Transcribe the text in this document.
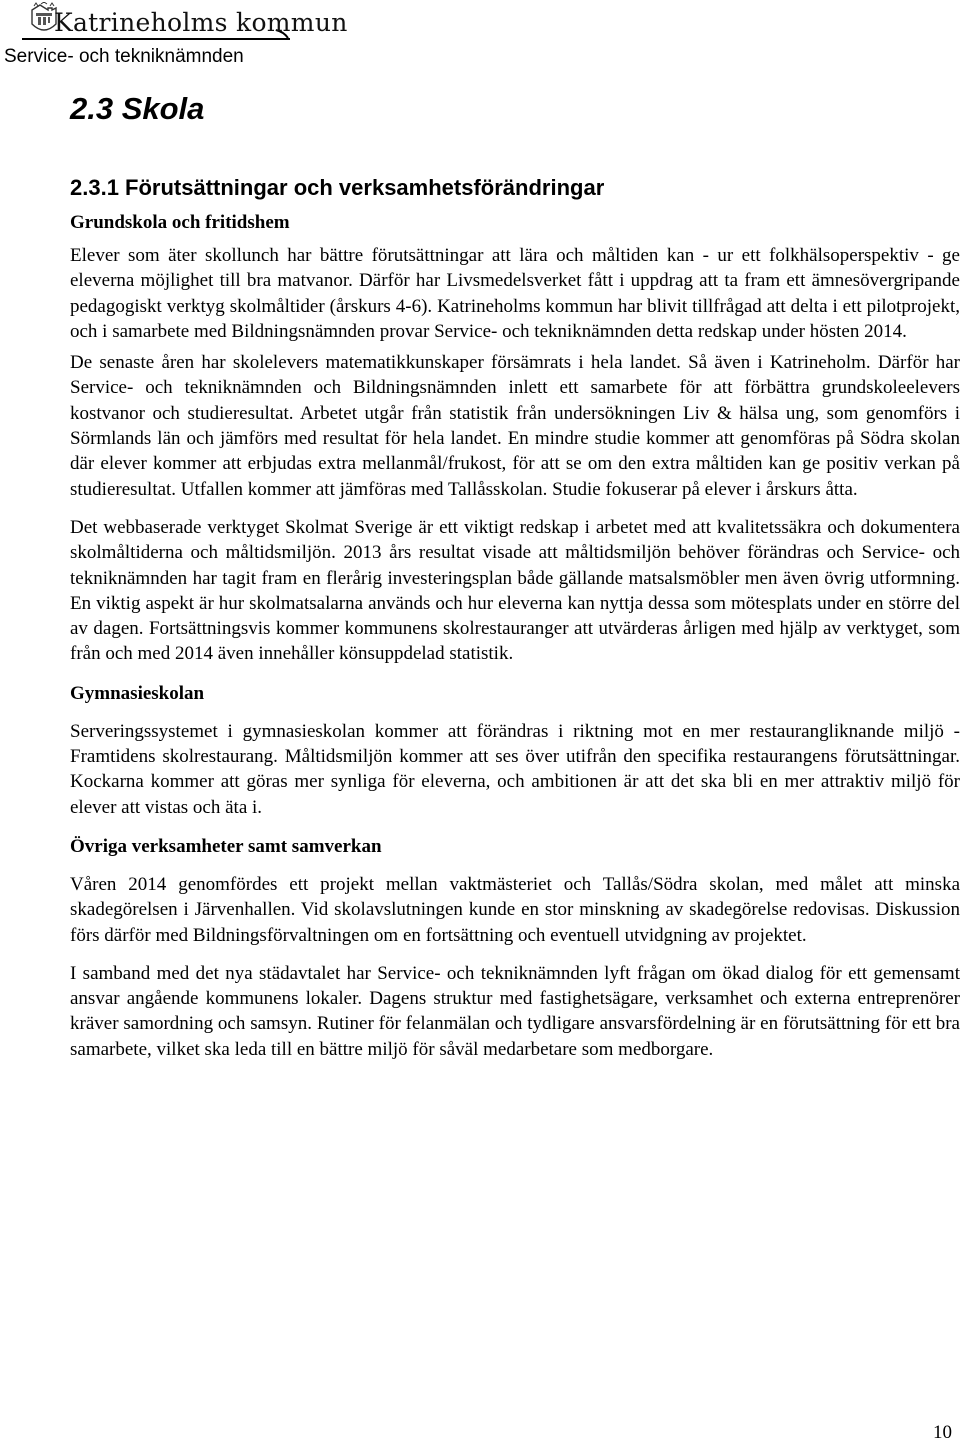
Katrineholms kommun
Service- och tekniknämnden
2.3 Skola
2.3.1 Förutsättningar och verksamhetsförändringar
Grundskola och fritidshem

Elever som äter skollunch har bättre förutsättningar att lära och måltiden kan - ur ett folkhälsoperspektiv - ge eleverna möjlighet till bra matvanor. Därför har Livsmedelsverket fått i uppdrag att ta fram ett ämnesövergripande pedagogiskt verktyg skolmåltider (årskurs 4-6). Katrineholms kommun har blivit tillfrågad att delta i ett pilotprojekt, och i samarbete med Bildningsnämnden provar Service- och tekniknämnden detta redskap under hösten 2014.

De senaste åren har skolelevers matematikkunskaper försämrats i hela landet. Så även i Katrineholm. Därför har Service- och tekniknämnden och Bildningsnämnden inlett ett samarbete för att förbättra grundskoleelevers kostvanor och studieresultat. Arbetet utgår från statistik från undersökningen Liv & hälsa ung, som genomförs i Sörmlands län och jämförs med resultat för hela landet. En mindre studie kommer att genomföras på Södra skolan där elever kommer att erbjudas extra mellanmål/frukost, för att se om den extra måltiden kan ge positiv verkan på studieresultat. Utfallen kommer att jämföras med Tallåsskolan. Studie fokuserar på elever i årskurs åtta.

Det webbaserade verktyget Skolmat Sverige är ett viktigt redskap i arbetet med att kvalitetssäkra och dokumentera skolmåltiderna och måltidsmiljön. 2013 års resultat visade att måltidsmiljön behöver förändras och Service- och tekniknämnden har tagit fram en flerårig investeringsplan både gällande matsalsmöbler men även övrig utformning. En viktig aspekt är hur skolmatsalarna används och hur eleverna kan nyttja dessa som mötesplats under en större del av dagen. Fortsättningsvis kommer kommunens skolrestauranger att utvärderas årligen med hjälp av verktyget, som från och med 2014 även innehåller könsuppdelad statistik.

Gymnasieskolan

Serveringssystemet i gymnasieskolan kommer att förändras i riktning mot en mer restaurangliknande miljö - Framtidens skolrestaurang. Måltidsmiljön kommer att ses över utifrån den specifika restaurangens förutsättningar. Kockarna kommer att göras mer synliga för eleverna, och ambitionen är att det ska bli en mer attraktiv miljö för elever att vistas och äta i.

Övriga verksamheter samt samverkan

Våren 2014 genomfördes ett projekt mellan vaktmästeriet och Tallås/Södra skolan, med målet att minska skadegörelsen i Järvenhallen. Vid skolavslutningen kunde en stor minskning av skadegörelse redovisas. Diskussion förs därför med Bildningsförvaltningen om en fortsättning och eventuell utvidgning av projektet.

I samband med det nya städavtalet har Service- och tekniknämnden lyft frågan om ökad dialog för ett gemensamt ansvar angående kommunens lokaler. Dagens struktur med fastighetsägare, verksamhet och externa entreprenörer kräver samordning och samsyn. Rutiner för felanmälan och tydligare ansvarsfördelning är en förutsättning för ett bra samarbete, vilket ska leda till en bättre miljö för såväl medarbetare som medborgare.

10
